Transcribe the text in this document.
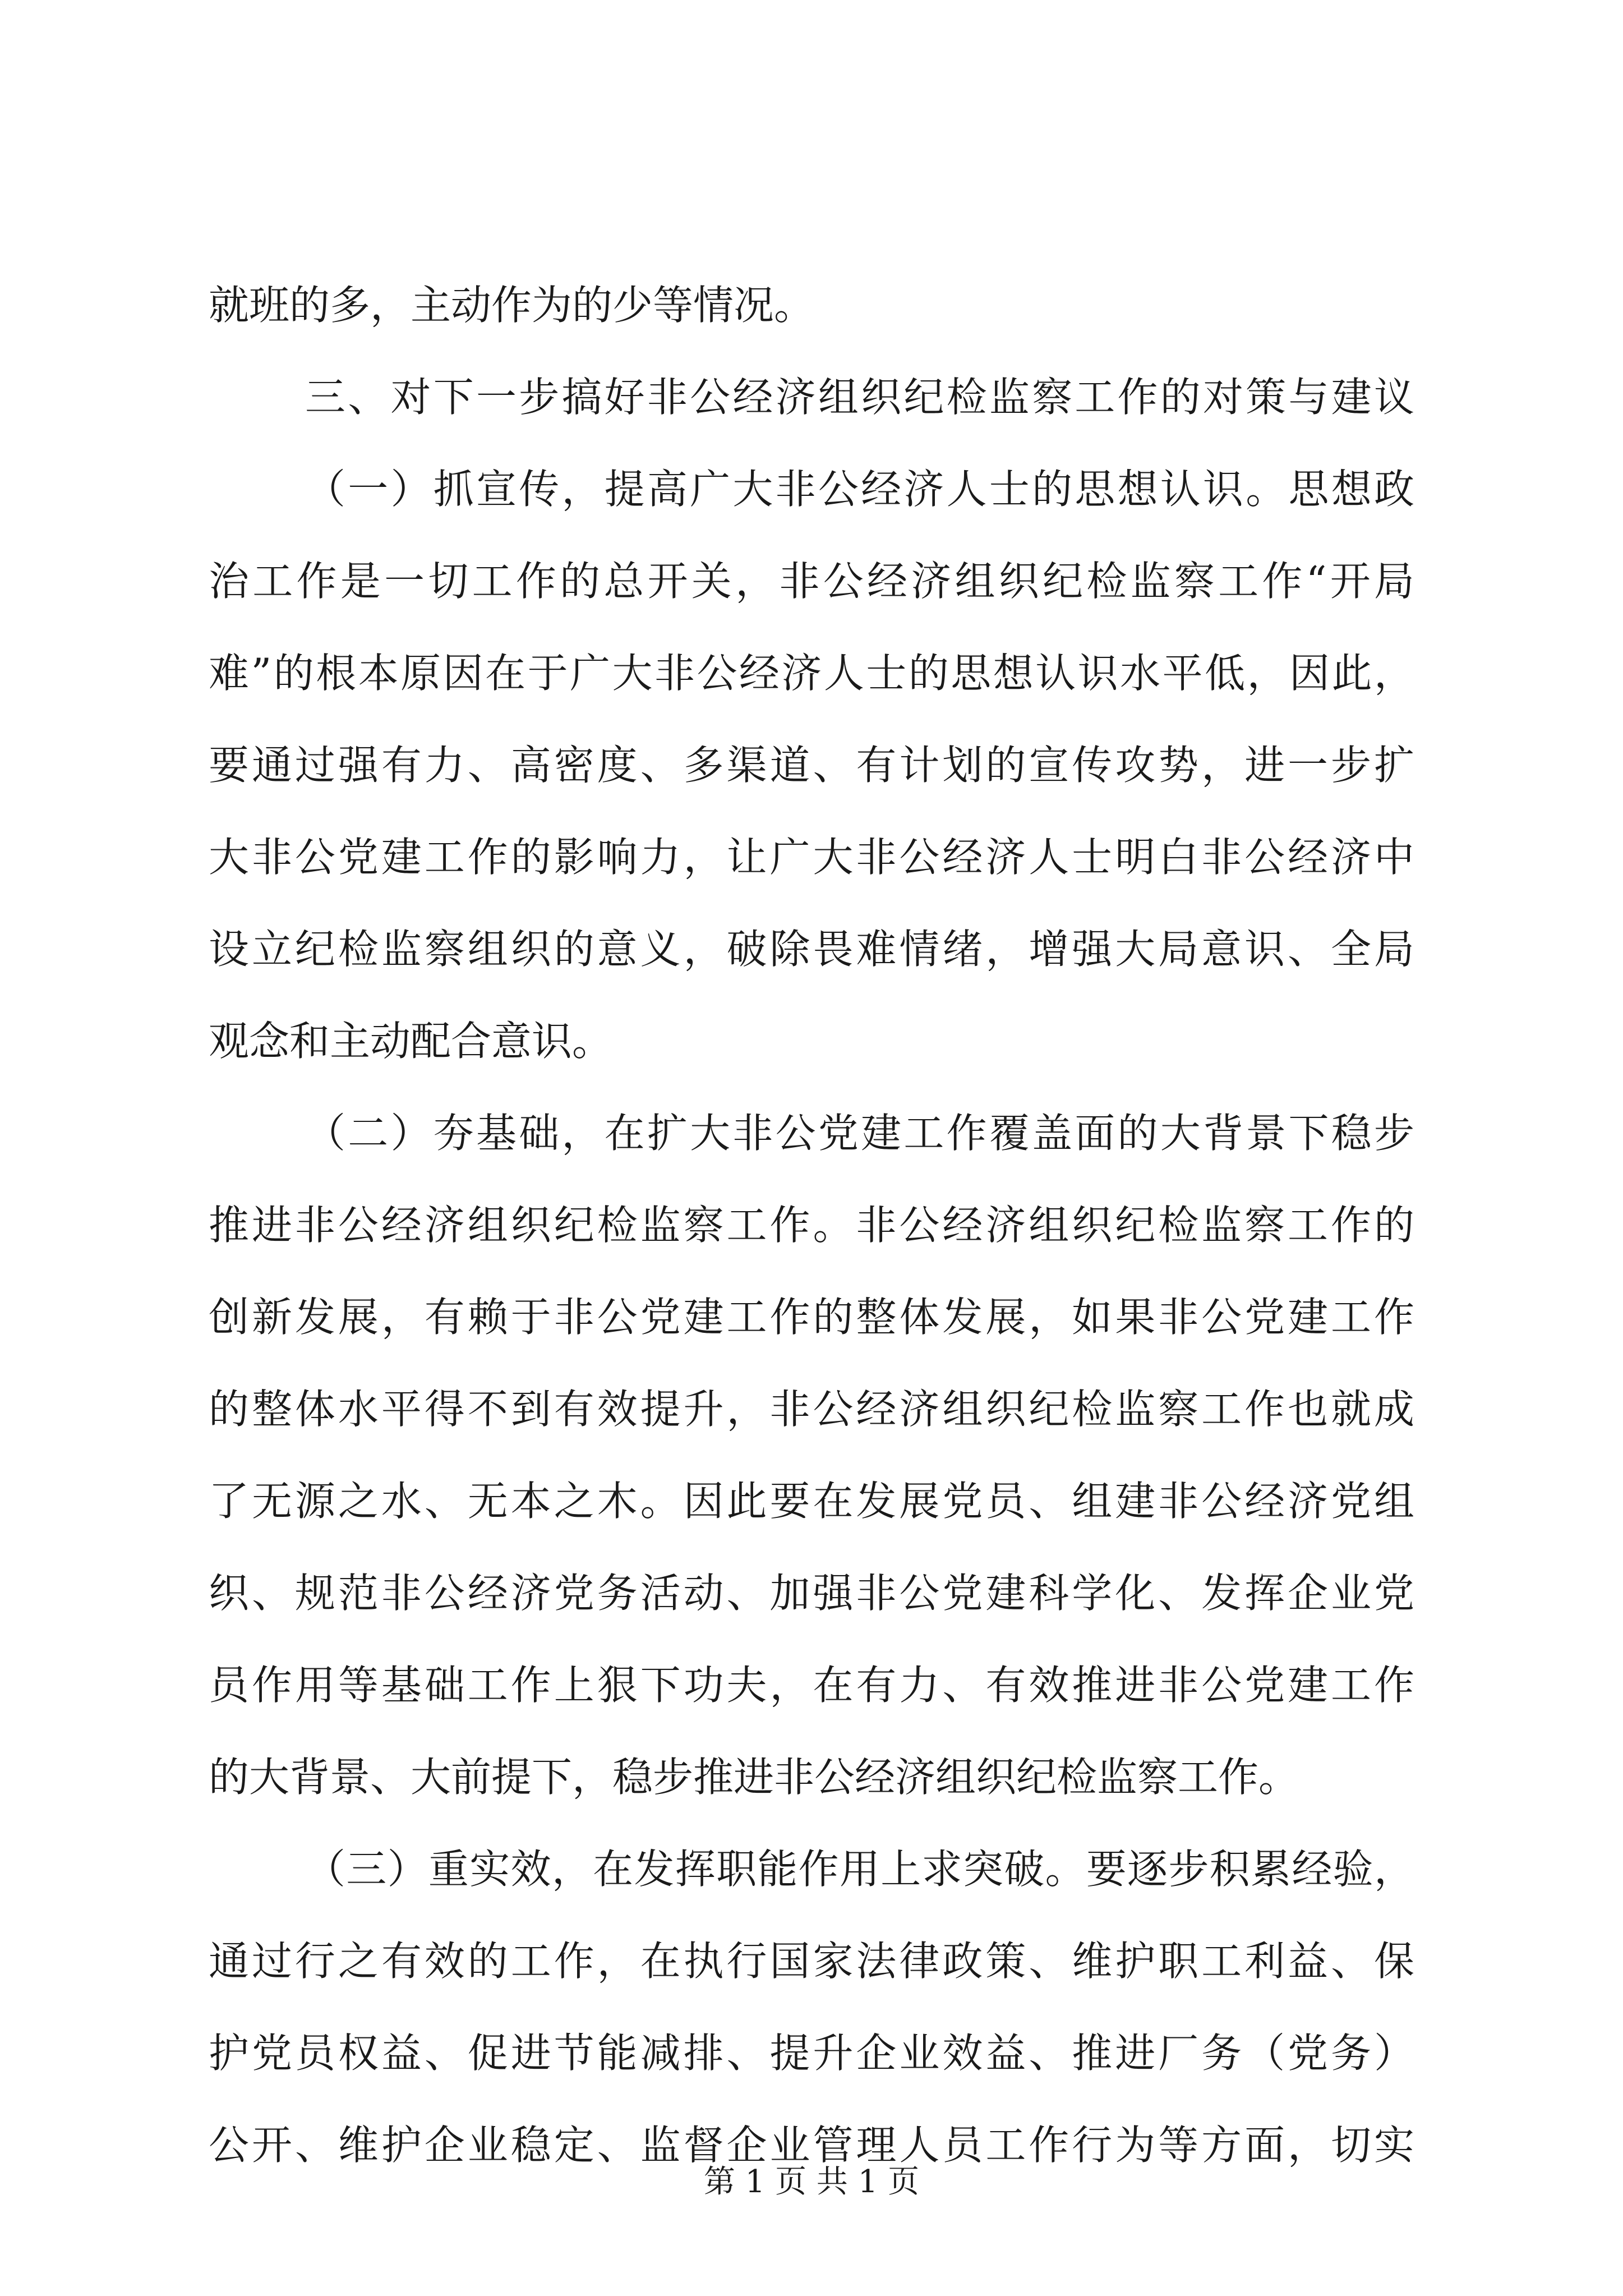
就班的多，主动作为的少等情况。
三、对下一步搞好非公经济组织纪检监察工作的对策与建议
（一）抓宣传，提高广大非公经济人士的思想认识。思想政
治工作是一切工作的总开关，非公经济组织纪检监察工作“开局
难”的根本原因在于广大非公经济人士的思想认识水平低，因此，
要通过强有力、高密度、多渠道、有计划的宣传攻势，进一步扩
大非公党建工作的影响力，让广大非公经济人士明白非公经济中
设立纪检监察组织的意义，破除畏难情绪，增强大局意识、全局
观念和主动配合意识。
（二）夯基础，在扩大非公党建工作覆盖面的大背景下稳步
推进非公经济组织纪检监察工作。非公经济组织纪检监察工作的
创新发展，有赖于非公党建工作的整体发展，如果非公党建工作
的整体水平得不到有效提升，非公经济组织纪检监察工作也就成
了无源之水、无本之木。因此要在发展党员、组建非公经济党组
织、规范非公经济党务活动、加强非公党建科学化、发挥企业党
员作用等基础工作上狠下功夫，在有力、有效推进非公党建工作
的大背景、大前提下，稳步推进非公经济组织纪检监察工作。
（三）重实效，在发挥职能作用上求突破。要逐步积累经验，
通过行之有效的工作，在执行国家法律政策、维护职工利益、保
护党员权益、促进节能减排、提升企业效益、推进厂务（党务）
公开、维护企业稳定、监督企业管理人员工作行为等方面，切实
第 1 页 共 1 页
